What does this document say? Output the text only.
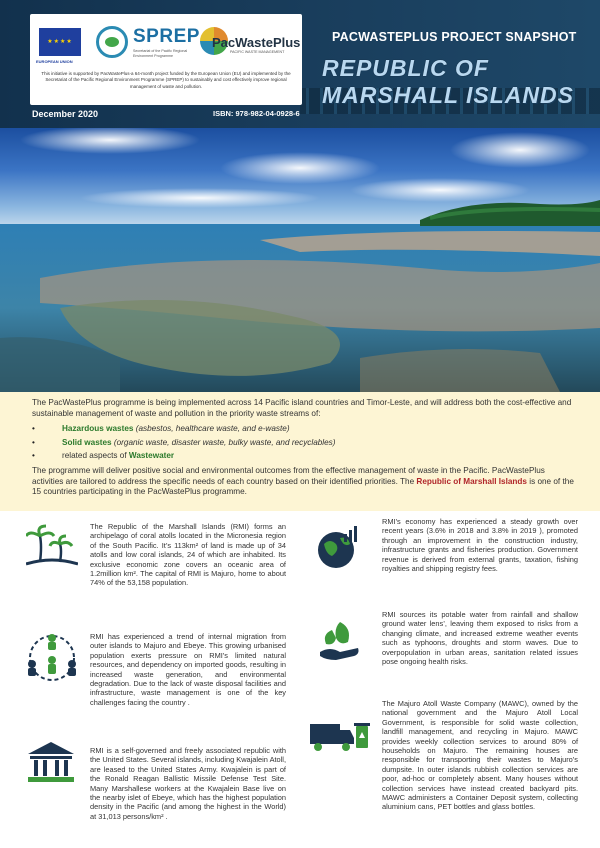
★★★★
EUROPEAN UNION
SPREP
Secretariat of the Pacific Regional Environment Programme
PacWastePlus
PACIFIC WASTE MANAGEMENT
This initiative is supported by PacWastePlus-a 64-month project funded by the European Union (EU) and implemented by the Secretariat of the Pacific Regional Environment Programme (SPREP) to sustainably and cost effectively improve regional management of waste and pollution.
PACWASTEPLUS PROJECT SNAPSHOT
REPUBLIC OF MARSHALL ISLANDS
December 2020	ISBN: 978-982-04-0928-6

The PacWastePlus programme is being implemented across 14 Pacific island countries and Timor-Leste, and will address both the cost-effective and sustainable management of waste and pollution in the priority waste streams of:

• Hazardous wastes (asbestos, healthcare waste, and e-waste)
• Solid wastes (organic waste, disaster waste, bulky waste, and recyclables)
• related aspects of Wastewater

The programme will deliver positive social and environmental outcomes from the effective management of waste in the Pacific. PacWastePlus activities are tailored to address the specific needs of each country based on their identified priorities. The Republic of Marshall Islands is one of the 15 countries participating in the PacWastePlus programme.

The Republic of the Marshall Islands (RMI) forms an archipelago of coral atolls located in the Micronesia region of the South Pacific. It’s 113km² of land is made up of 34 atolls and low coral islands, 24 of which are inhabited. Its exclusive economic zone covers an oceanic area of 1.2million km². The capital of RMI is Majuro, home to about 74% of the 53,158 population.

RMI has experienced a trend of internal migration from outer islands to Majuro and Ebeye. This growing urbanised population exerts pressure on RMI’s limited natural resources, and dependency on imported goods, resulting in increased waste generation, and environmental degradation. Due to the lack of waste disposal facilities and infrastructure, waste management is one of the key challenges facing the country .

RMI is a self-governed and freely associated republic with the United States. Several islands, including Kwajalein Atoll, are leased to the United States Army. Kwajalein is part of the Ronald Reagan Ballistic Missile Defense Test Site. Many Marshallese workers at the Kwajalein Base live on the nearby islet of Ebeye, which has the highest population density in the Pacific (and among the highest in the World) at 31,013 persons/km² .

RMI’s economy has experienced a steady growth over recent years (3.6% in 2018 and 3.8% in 2019 ), promoted through an improvement in the construction industry, infrastructure grants and fisheries production. Government revenue is derived from external grants, taxation, fishing royalties and shipping registry fees.

RMI sources its potable water from rainfall and shallow ground water lens’, leaving them exposed to risks from a changing climate, and increased extreme weather events such as typhoons, droughts and storm waves. Due to overpopulation in urban areas, sanitation related issues pose ongoing health risks.

The Majuro Atoll Waste Company (MAWC), owned by the national government and the Majuro Atoll Local Government, is responsible for solid waste collection, landfill management, and recycling in Majuro. MAWC provides weekly collection services to around 80% of households on Majuro. The remaining houses are responsible for transporting their wastes to Majuro’s dumpsite. In outer islands rubbish collection services are poor, ad-hoc or completely absent. Many houses without collection services have instead created backyard pits. MAWC administers a Container Deposit system, collecting aluminium cans, PET bottles and glass bottles.
